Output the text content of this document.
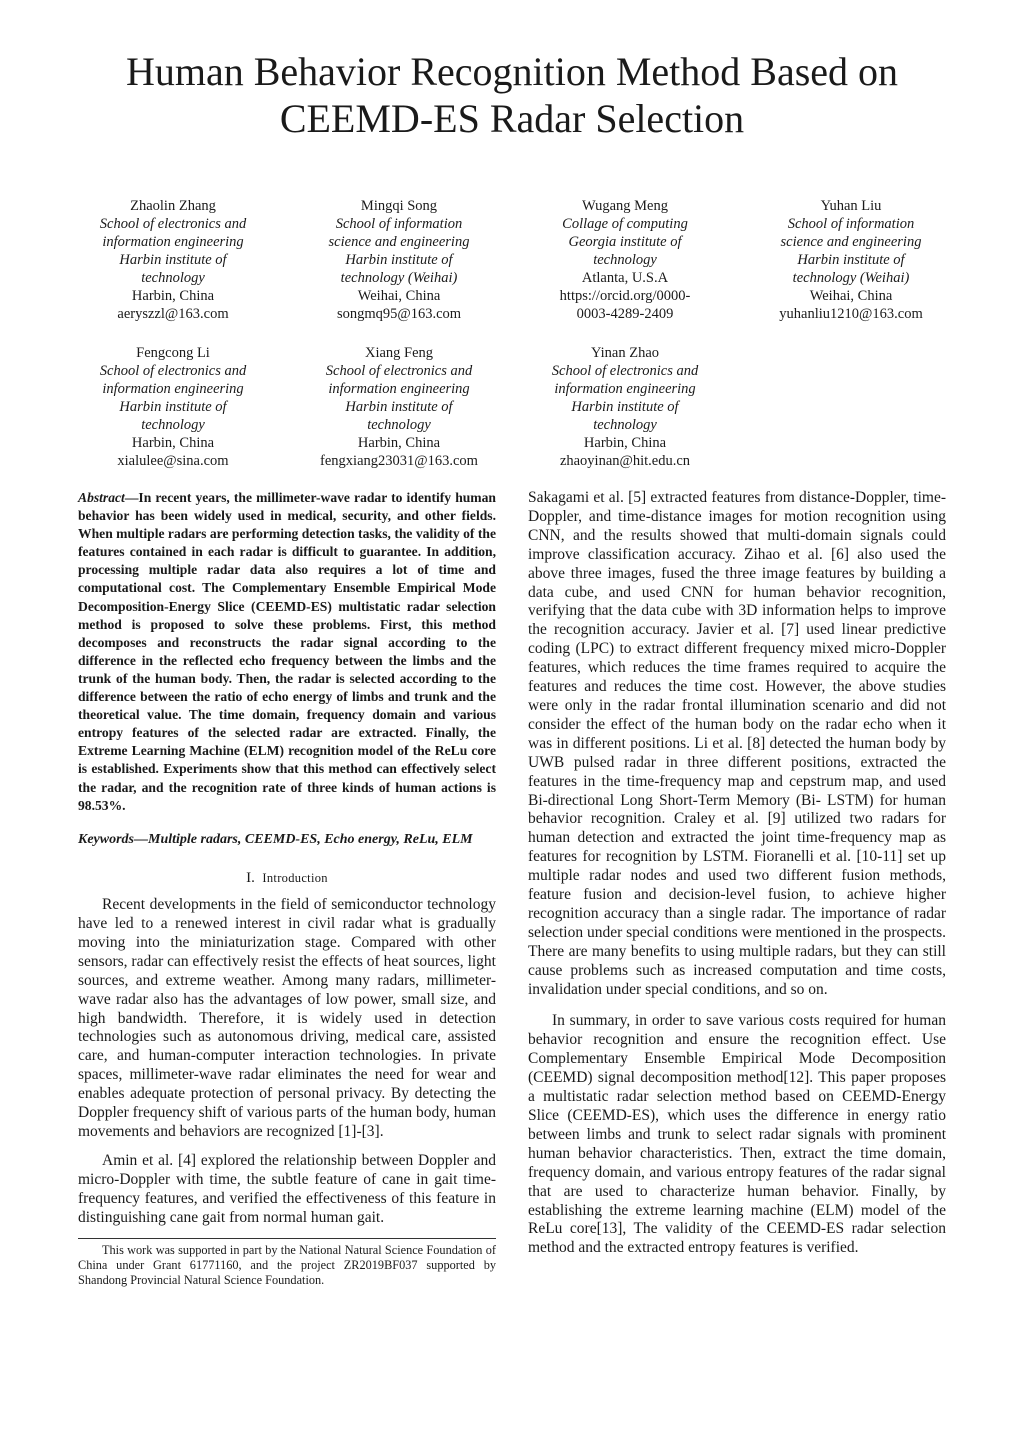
Human Behavior Recognition Method Based on
CEEMD-ES Radar Selection
Zhaolin Zhang
School of electronics and
information engineering
Harbin institute of
technology
Harbin, China
aeryszzl@163.com
Mingqi Song
School of information
science and engineering
Harbin institute of
technology (Weihai)
Weihai, China
songmq95@163.com
Wugang Meng
Collage of computing
Georgia institute of
technology
Atlanta, U.S.A
https://orcid.org/0000-
0003-4289-2409
Yuhan Liu
School of information
science and engineering
Harbin institute of
technology (Weihai)
Weihai, China
yuhanliu1210@163.com
Fengcong Li
School of electronics and
information engineering
Harbin institute of
technology
Harbin, China
xialulee@sina.com
Xiang Feng
School of electronics and
information engineering
Harbin institute of
technology
Harbin, China
fengxiang23031@163.com
Yinan Zhao
School of electronics and
information engineering
Harbin institute of
technology
Harbin, China
zhaoyinan@hit.edu.cn

Abstract—In recent years, the millimeter-wave radar to identify human behavior has been widely used in medical, security, and other fields. When multiple radars are performing detection tasks, the validity of the features contained in each radar is difficult to guarantee. In addition, processing multiple radar data also requires a lot of time and computational cost. The Complementary Ensemble Empirical Mode Decomposition-Energy Slice (CEEMD-ES) multistatic radar selection method is proposed to solve these problems. First, this method decomposes and reconstructs the radar signal according to the difference in the reflected echo frequency between the limbs and the trunk of the human body. Then, the radar is selected according to the difference between the ratio of echo energy of limbs and trunk and the theoretical value. The time domain, frequency domain and various entropy features of the selected radar are extracted. Finally, the Extreme Learning Machine (ELM) recognition model of the ReLu core is established. Experiments show that this method can effectively select the radar, and the recognition rate of three kinds of human actions is 98.53%.

Keywords—Multiple radars, CEEMD-ES, Echo energy, ReLu, ELM

I. Introduction

Recent developments in the field of semiconductor technology have led to a renewed interest in civil radar what is gradually moving into the miniaturization stage. Compared with other sensors, radar can effectively resist the effects of heat sources, light sources, and extreme weather. Among many radars, millimeter-wave radar also has the advantages of low power, small size, and high bandwidth. Therefore, it is widely used in detection technologies such as autonomous driving, medical care, assisted care, and human-computer interaction technologies. In private spaces, millimeter-wave radar eliminates the need for wear and enables adequate protection of personal privacy. By detecting the Doppler frequency shift of various parts of the human body, human movements and behaviors are recognized [1]-[3].

Amin et al. [4] explored the relationship between Doppler and micro-Doppler with time, the subtle feature of cane in gait time-frequency features, and verified the effectiveness of this feature in distinguishing cane gait from normal human gait.

This work was supported in part by the National Natural Science Foundation of China under Grant 61771160, and the project ZR2019BF037 supported by Shandong Provincial Natural Science Foundation.

Sakagami et al. [5] extracted features from distance-Doppler, time-Doppler, and time-distance images for motion recognition using CNN, and the results showed that multi-domain signals could improve classification accuracy. Zihao et al. [6] also used the above three images, fused the three image features by building a data cube, and used CNN for human behavior recognition, verifying that the data cube with 3D information helps to improve the recognition accuracy. Javier et al. [7] used linear predictive coding (LPC) to extract different frequency mixed micro-Doppler features, which reduces the time frames required to acquire the features and reduces the time cost. However, the above studies were only in the radar frontal illumination scenario and did not consider the effect of the human body on the radar echo when it was in different positions. Li et al. [8] detected the human body by UWB pulsed radar in three different positions, extracted the features in the time-frequency map and cepstrum map, and used Bi-directional Long Short-Term Memory (Bi- LSTM) for human behavior recognition. Craley et al. [9] utilized two radars for human detection and extracted the joint time-frequency map as features for recognition by LSTM. Fioranelli et al. [10-11] set up multiple radar nodes and used two different fusion methods, feature fusion and decision-level fusion, to achieve higher recognition accuracy than a single radar. The importance of radar selection under special conditions were mentioned in the prospects. There are many benefits to using multiple radars, but they can still cause problems such as increased computation and time costs, invalidation under special conditions, and so on.

In summary, in order to save various costs required for human behavior recognition and ensure the recognition effect. Use Complementary Ensemble Empirical Mode Decomposition (CEEMD) signal decomposition method[12]. This paper proposes a multistatic radar selection method based on CEEMD-Energy Slice (CEEMD-ES), which uses the difference in energy ratio between limbs and trunk to select radar signals with prominent human behavior characteristics. Then, extract the time domain, frequency domain, and various entropy features of the radar signal that are used to characterize human behavior. Finally, by establishing the extreme learning machine (ELM) model of the ReLu core[13], The validity of the CEEMD-ES radar selection method and the extracted entropy features is verified.
